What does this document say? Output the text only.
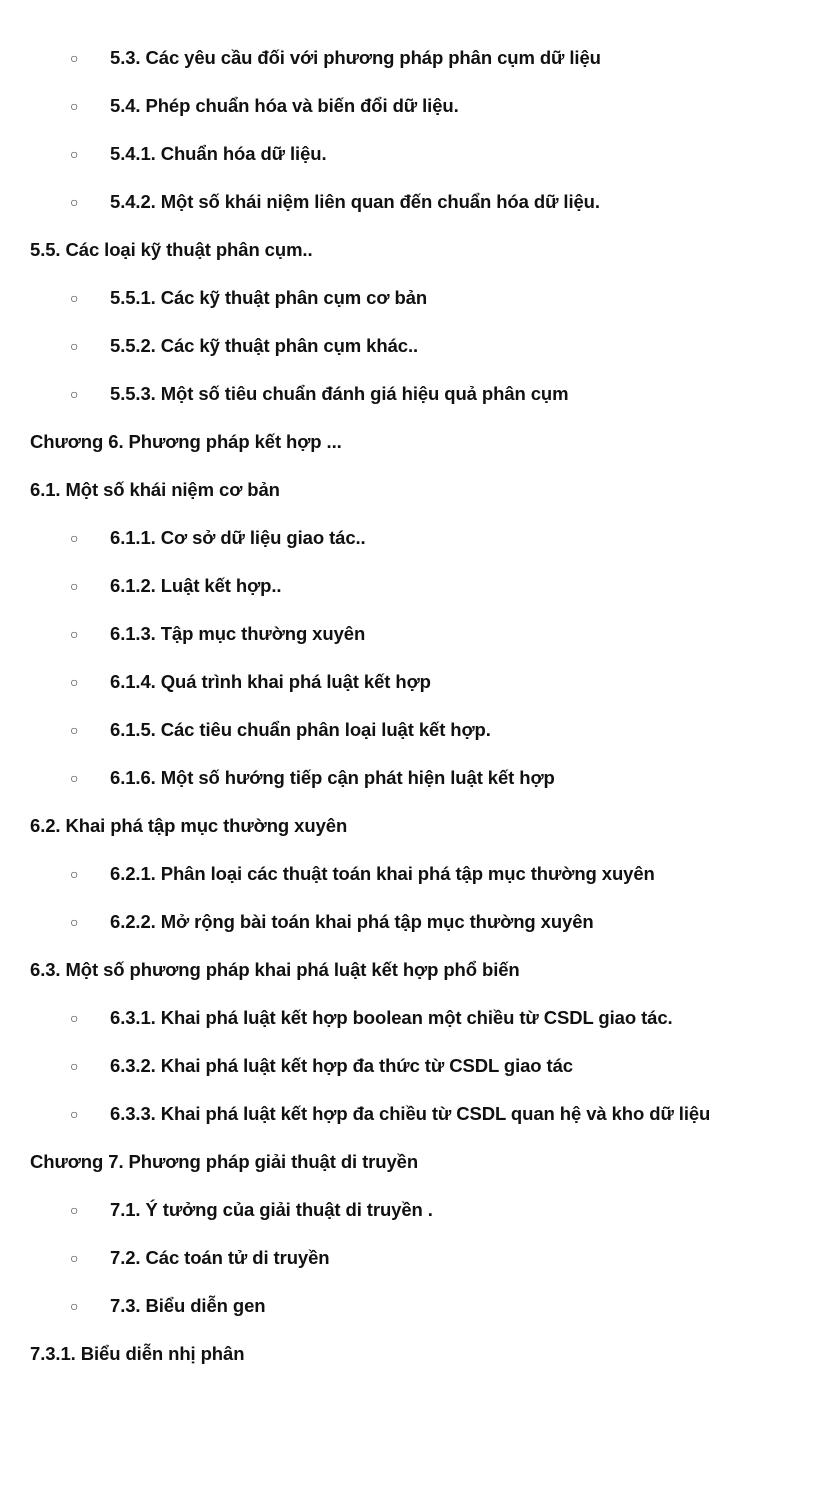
○	5.3. Các yêu cầu đối với phương pháp phân cụm dữ liệu
○	5.4. Phép chuẩn hóa và biến đổi dữ liệu.
○	5.4.1. Chuẩn hóa dữ liệu.
○	5.4.2. Một số khái niệm liên quan đến chuẩn hóa dữ liệu.
5.5. Các loại kỹ thuật phân cụm..
○	5.5.1. Các kỹ thuật phân cụm cơ bản
○	5.5.2. Các kỹ thuật phân cụm khác..
○	5.5.3. Một số tiêu chuẩn đánh giá hiệu quả phân cụm
Chương 6. Phương pháp kết hợp ...
6.1. Một số khái niệm cơ bản
○	6.1.1. Cơ sở dữ liệu giao tác..
○	6.1.2. Luật kết hợp..
○	6.1.3. Tập mục thường xuyên
○	6.1.4. Quá trình khai phá luật kết hợp
○	6.1.5. Các tiêu chuẩn phân loại luật kết hợp.
○	6.1.6. Một số hướng tiếp cận phát hiện luật kết hợp
6.2. Khai phá tập mục thường xuyên
○	6.2.1. Phân loại các thuật toán khai phá tập mục thường xuyên
○	6.2.2. Mở rộng bài toán khai phá tập mục thường xuyên
6.3. Một số phương pháp khai phá luật kết hợp phổ biến
○	6.3.1. Khai phá luật kết hợp boolean một chiều từ CSDL giao tác.
○	6.3.2. Khai phá luật kết hợp đa thức từ CSDL giao tác
○	6.3.3. Khai phá luật kết hợp đa chiều từ CSDL quan hệ và kho dữ liệu
Chương 7. Phương pháp giải thuật di truyền
○	7.1. Ý tưởng của giải thuật di truyền .
○	7.2. Các toán tử di truyền
○	7.3. Biểu diễn gen
7.3.1. Biểu diễn nhị phân
